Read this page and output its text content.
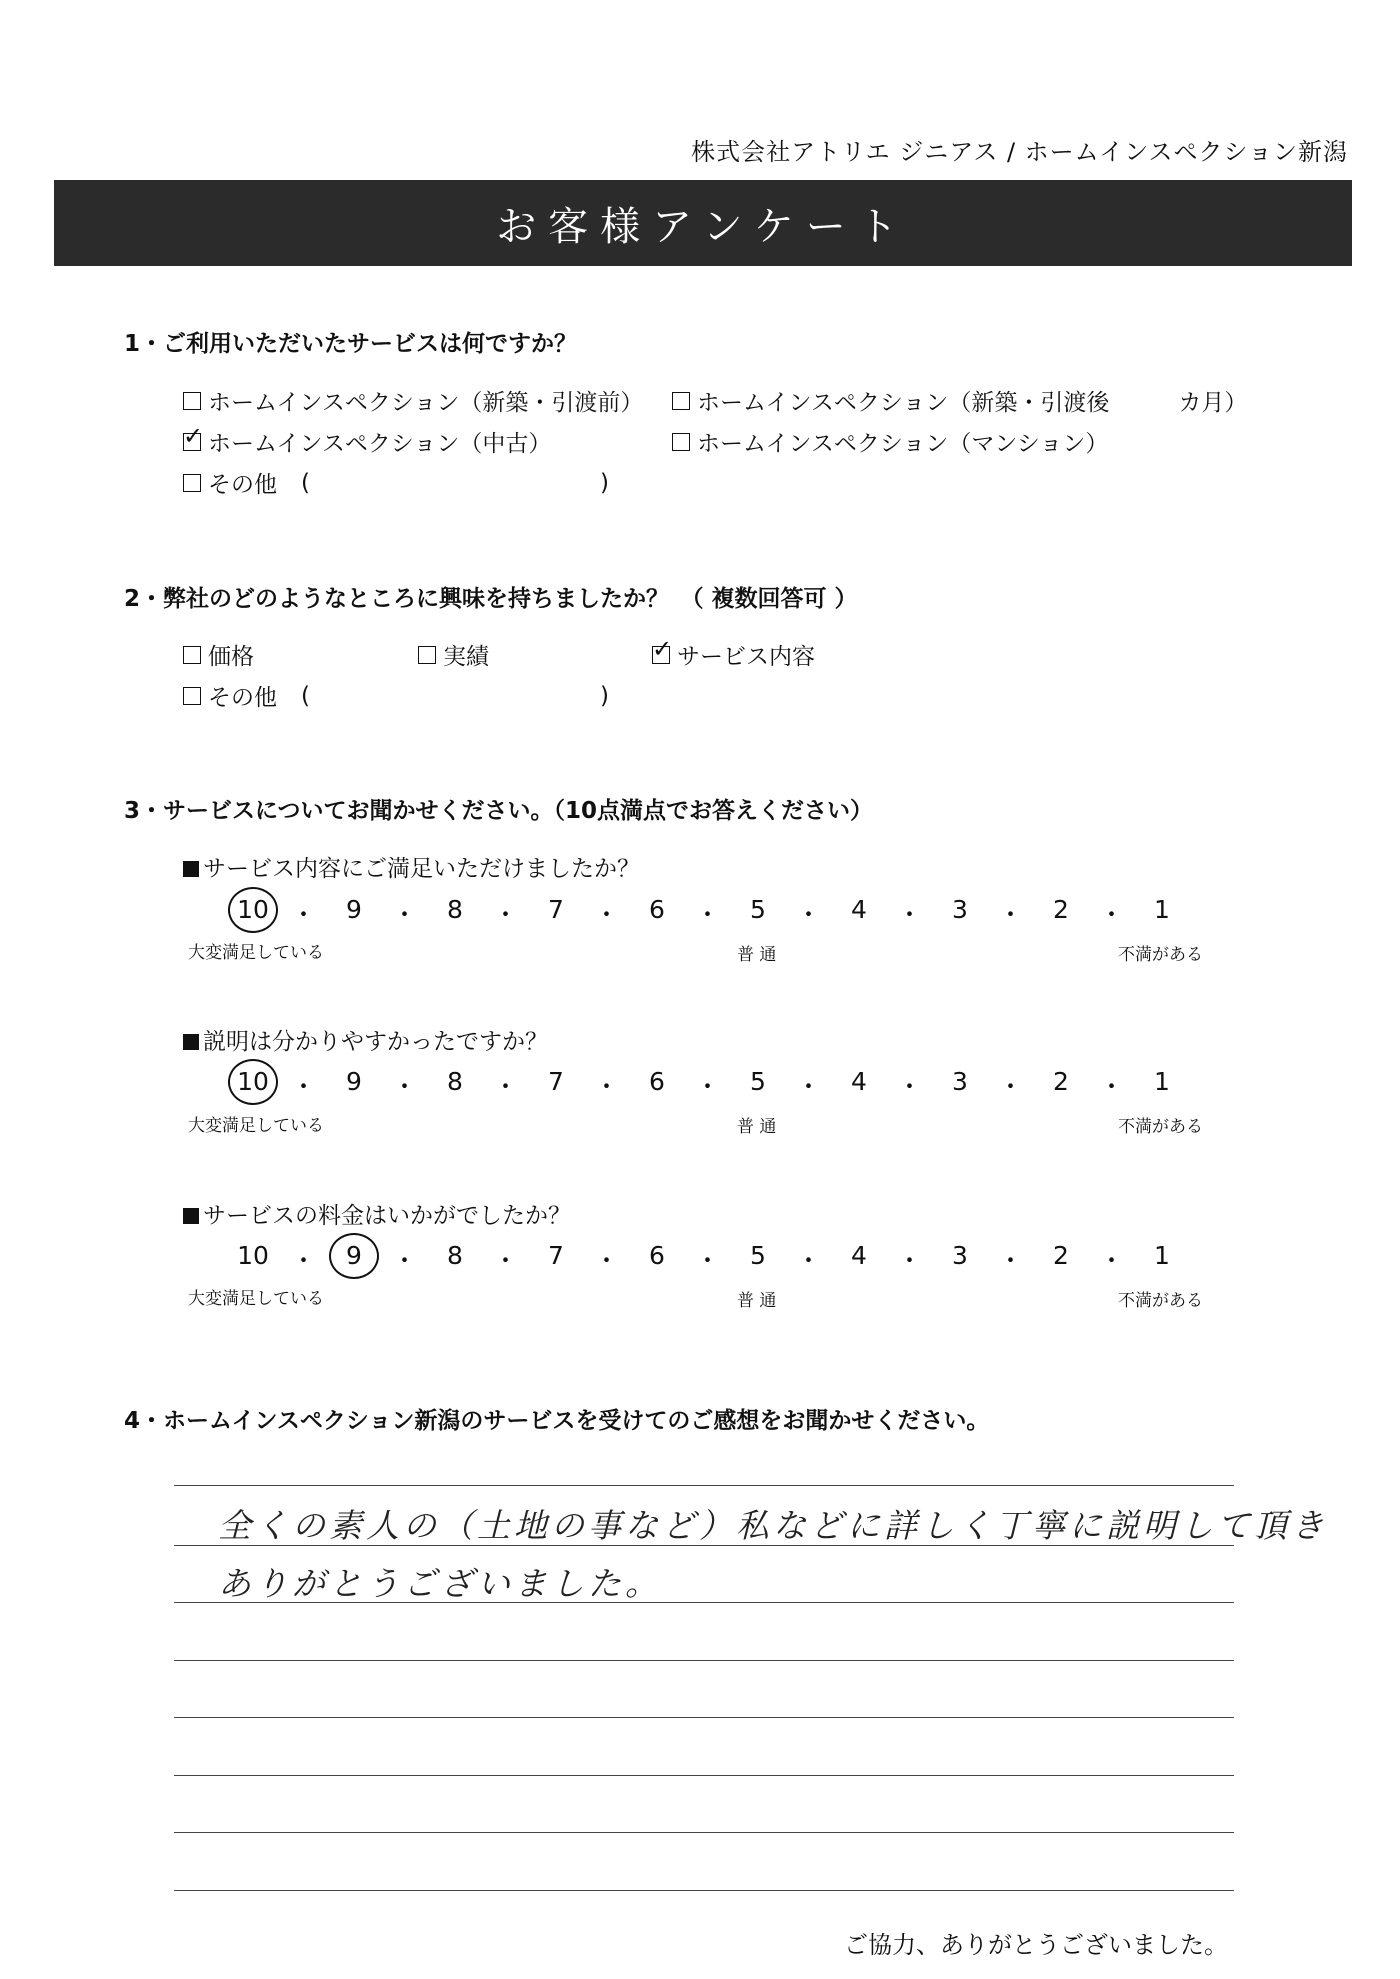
株式会社アトリエ ジニアス / ホームインスペクション新潟
お客様アンケート
1・ご利用いただいたサービスは何ですか？
ホームインスペクション（新築・引渡前） ホームインスペクション（新築・引渡後　　　カ月）
✓ ホームインスペクション（中古）	ホームインスペクション（マンション）
その他 (	)
2・弊社のどのようなところに興味を持ちましたか？　（ 複数回答可 ）
価格	実績	✓ サービス内容
その他 (	)
3・サービスについてお聞かせください。（10点満点でお答えください）
サービス内容にご満足いただけましたか？
10 ・ 9 ・ 8 ・ 7 ・ 6 ・ 5 ・ 4 ・ 3 ・ 2 ・ 1
大変満足している	普 通	不満がある
説明は分かりやすかったですか？
10 ・ 9 ・ 8 ・ 7 ・ 6 ・ 5 ・ 4 ・ 3 ・ 2 ・ 1
大変満足している	普 通	不満がある
サービスの料金はいかがでしたか？
10 ・ 9 ・ 8 ・ 7 ・ 6 ・ 5 ・ 4 ・ 3 ・ 2 ・ 1
大変満足している	普 通	不満がある
4・ホームインスペクション新潟のサービスを受けてのご感想をお聞かせください。
全くの素人の（土地の事など）私などに詳しく丁寧に説明して頂き
ありがとうございました。
ご協力、ありがとうございました。
